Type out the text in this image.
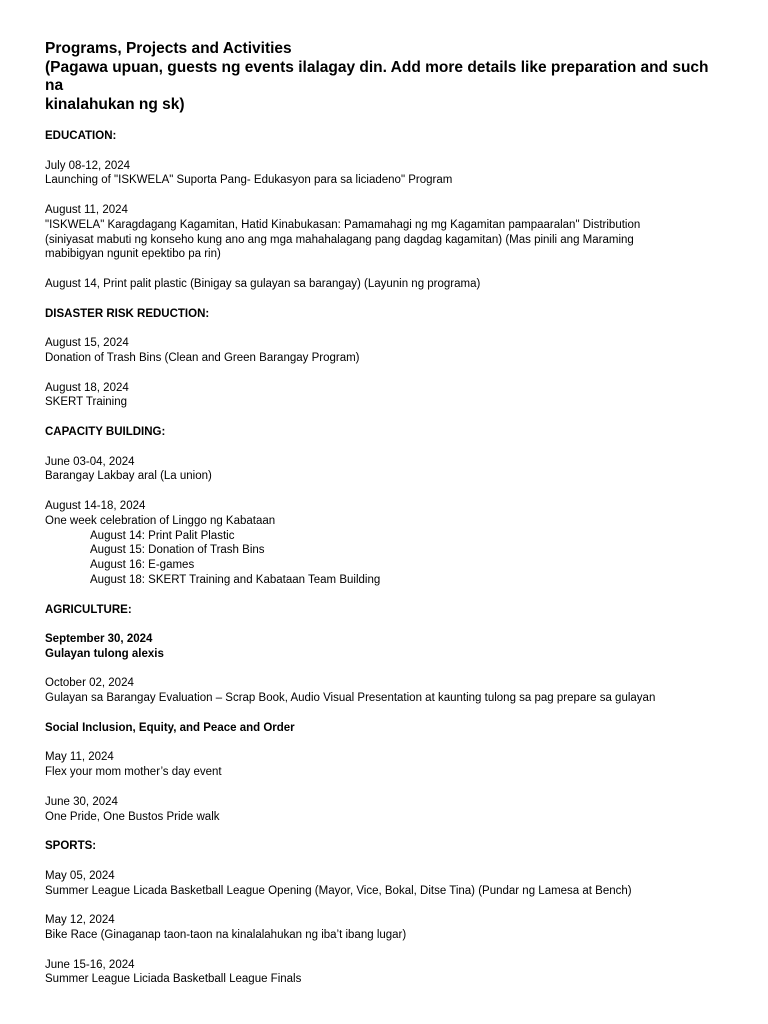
Programs, Projects and Activities

(Pagawa upuan, guests ng events ilalagay din. Add more details like preparation and such na

kinalahukan ng sk)

EDUCATION:

July 08-12, 2024

Launching of "ISKWELA" Suporta Pang- Edukasyon para sa liciadeno" Program

August 11, 2024

"ISKWELA" Karagdagang Kagamitan, Hatid Kinabukasan: Pamamahagi ng mg Kagamitan pampaaralan" Distribution

(siniyasat mabuti ng konseho kung ano ang mga mahahalagang pang dagdag kagamitan) (Mas pinili ang Maraming

mabibigyan ngunit epektibo pa rin)

August 14, Print palit plastic (Binigay sa gulayan sa barangay) (Layunin ng programa)

DISASTER RISK REDUCTION:

August 15, 2024

Donation of Trash Bins (Clean and Green Barangay Program)

August 18, 2024

SKERT Training

CAPACITY BUILDING:

June 03-04, 2024

Barangay Lakbay aral (La union)

August 14-18, 2024

One week celebration of Linggo ng Kabataan

August 14: Print Palit Plastic

August 15: Donation of Trash Bins

August 16: E-games

August 18: SKERT Training and Kabataan Team Building

AGRICULTURE:

September 30, 2024

Gulayan tulong alexis

October 02, 2024

Gulayan sa Barangay Evaluation – Scrap Book, Audio Visual Presentation at kaunting tulong sa pag prepare sa gulayan

Social Inclusion, Equity, and Peace and Order

May 11, 2024

Flex your mom mother’s day event

June 30, 2024

One Pride, One Bustos Pride walk

SPORTS:

May 05, 2024

Summer League Licada Basketball League Opening (Mayor, Vice, Bokal, Ditse Tina) (Pundar ng Lamesa at Bench)

May 12, 2024

Bike Race (Ginaganap taon-taon na kinalalahukan ng iba’t ibang lugar)

June 15-16, 2024

Summer League Liciada Basketball League Finals
